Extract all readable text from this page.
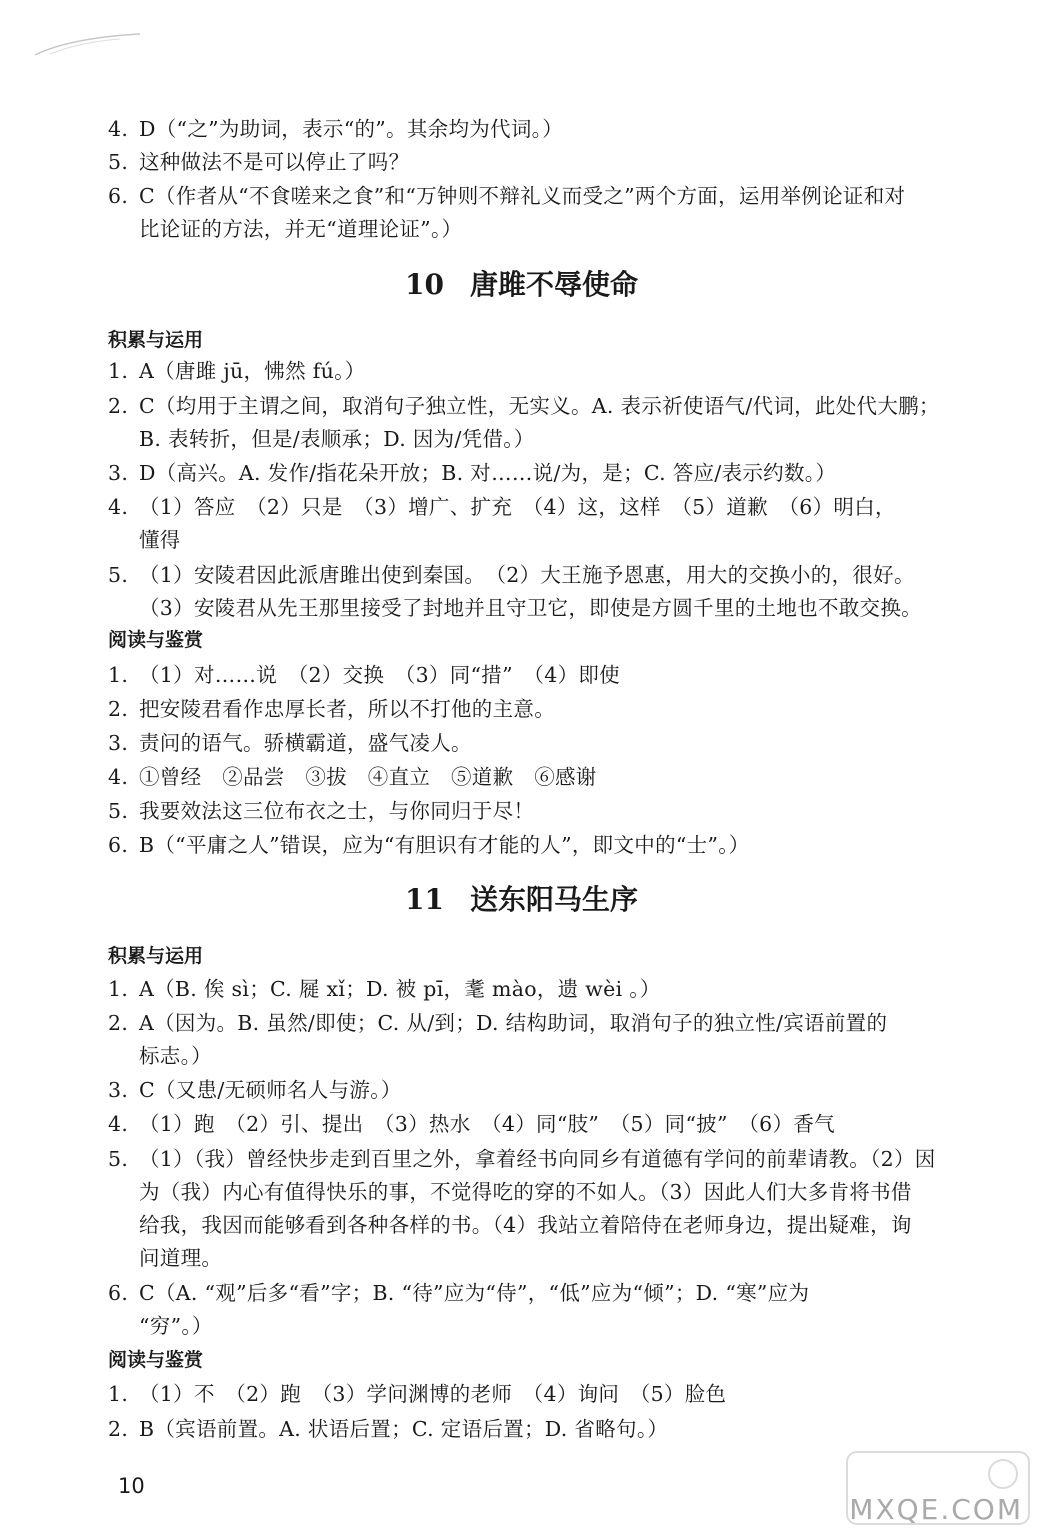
4. D（“之”为助词，表示“的”。其余均为代词。）
5. 这种做法不是可以停止了吗？
6. C（作者从“不食嗟来之食”和“万钟则不辩礼义而受之”两个方面，运用举例论证和对
比论证的方法，并无“道理论证”。）
10 唐雎不辱使命
积累与运用
1. A（唐雎 jū，怫然 fú。）
2. C（均用于主谓之间，取消句子独立性，无实义。A. 表示祈使语气/代词，此处代大鹏；
B. 表转折，但是/表顺承；D. 因为/凭借。）
3. D（高兴。A. 发作/指花朵开放；B. 对……说/为，是；C. 答应/表示约数。）
4. （1）答应　（2）只是　（3）增广、扩充　（4）这，这样　（5）道歉　（6）明白，
懂得
5. （1）安陵君因此派唐雎出使到秦国。　（2）大王施予恩惠，用大的交换小的，很好。
（3）安陵君从先王那里接受了封地并且守卫它，即使是方圆千里的土地也不敢交换。
阅读与鉴赏
1. （1）对……说　（2）交换　（3）同“措”　（4）即使
2. 把安陵君看作忠厚长者，所以不打他的主意。
3. 责问的语气。骄横霸道，盛气凌人。
4. ①曾经　②品尝　③拔　④直立　⑤道歉　⑥感谢
5. 我要效法这三位布衣之士，与你同归于尽！
6. B（“平庸之人”错误，应为“有胆识有才能的人”，即文中的“士”。）
11 送东阳马生序
积累与运用
1. A（B. 俟 sì；C. 屣 xǐ；D. 被 pī，耄 mào，遗 wèi 。）
2. A（因为。B. 虽然/即使；C. 从/到；D. 结构助词，取消句子的独立性/宾语前置的
标志。）
3. C（又患/无硕师名人与游。）
4. （1）跑　（2）引、提出　（3）热水　（4）同“肢”　（5）同“披”　（6）香气
5. （1）（我）曾经快步走到百里之外，拿着经书向同乡有道德有学问的前辈请教。（2）因
为（我）内心有值得快乐的事，不觉得吃的穿的不如人。（3）因此人们大多肯将书借
给我，我因而能够看到各种各样的书。（4）我站立着陪侍在老师身边，提出疑难，询
问道理。
6. C（A. “观”后多“看”字；B. “待”应为“侍”，“低”应为“倾”；D. “寒”应为
“穷”。）
阅读与鉴赏
1. （1）不　（2）跑　（3）学问渊博的老师　（4）询问　（5）脸色
2. B（宾语前置。A. 状语后置；C. 定语后置；D. 省略句。）
10
MXQE.COM
